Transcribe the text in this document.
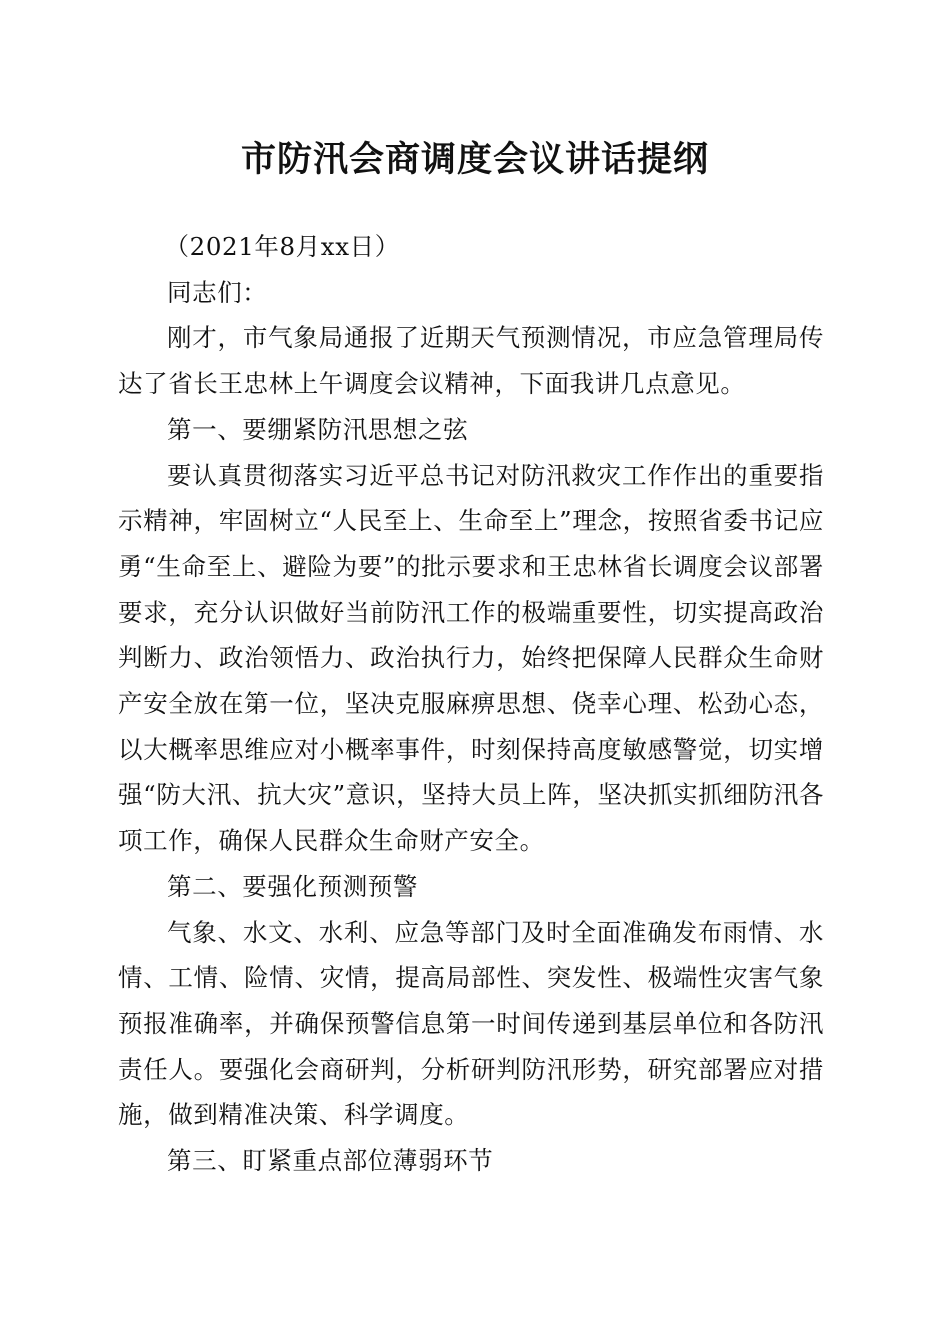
市防汛会商调度会议讲话提纲

（2021年8月xx日）

同志们：

刚才，市气象局通报了近期天气预测情况，市应急管理局传达了省长王忠林上午调度会议精神，下面我讲几点意见。

第一、要绷紧防汛思想之弦

要认真贯彻落实习近平总书记对防汛救灾工作作出的重要指示精神，牢固树立“人民至上、生命至上”理念，按照省委书记应勇“生命至上、避险为要”的批示要求和王忠林省长调度会议部署要求，充分认识做好当前防汛工作的极端重要性，切实提高政治判断力、政治领悟力、政治执行力，始终把保障人民群众生命财产安全放在第一位，坚决克服麻痹思想、侥幸心理、松劲心态，以大概率思维应对小概率事件，时刻保持高度敏感警觉，切实增强“防大汛、抗大灾”意识，坚持大员上阵，坚决抓实抓细防汛各项工作，确保人民群众生命财产安全。

第二、要强化预测预警

气象、水文、水利、应急等部门及时全面准确发布雨情、水情、工情、险情、灾情，提高局部性、突发性、极端性灾害气象预报准确率，并确保预警信息第一时间传递到基层单位和各防汛责任人。要强化会商研判，分析研判防汛形势，研究部署应对措施，做到精准决策、科学调度。

第三、盯紧重点部位薄弱环节
